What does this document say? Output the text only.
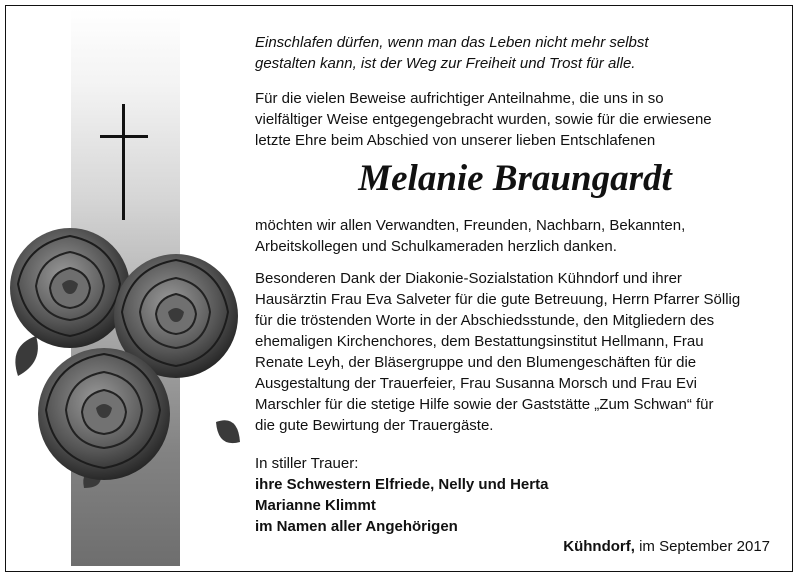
Einschlafen dürfen, wenn man das Leben nicht mehr selbst

gestalten kann, ist der Weg zur Freiheit und Trost für alle.

Für die vielen Beweise aufrichtiger Anteilnahme, die uns in so

vielfältiger Weise entgegengebracht wurden, sowie für die erwiesene

letzte Ehre beim Abschied von unserer lieben Entschlafenen

Melanie Braungardt

möchten wir allen Verwandten, Freunden, Nachbarn, Bekannten,

Arbeitskollegen und Schulkameraden herzlich danken.

Besonderen Dank der Diakonie-Sozialstation Kühndorf und ihrer

Hausärztin Frau Eva Salveter für die gute Betreuung, Herrn Pfarrer Söllig

für die tröstenden Worte in der Abschiedsstunde, den Mitgliedern des

ehemaligen Kirchenchores, dem Bestattungsinstitut Hellmann, Frau

Renate Leyh, der Bläsergruppe und den Blumengeschäften für die

Ausgestaltung der Trauerfeier, Frau Susanna Morsch und Frau Evi

Marschler für die stetige Hilfe sowie der Gaststätte „Zum Schwan“ für

die gute Bewirtung der Trauergäste.

In stiller Trauer:

ihre Schwestern Elfriede, Nelly und Herta

Marianne Klimmt

im Namen aller Angehörigen

Kühndorf, im September 2017
